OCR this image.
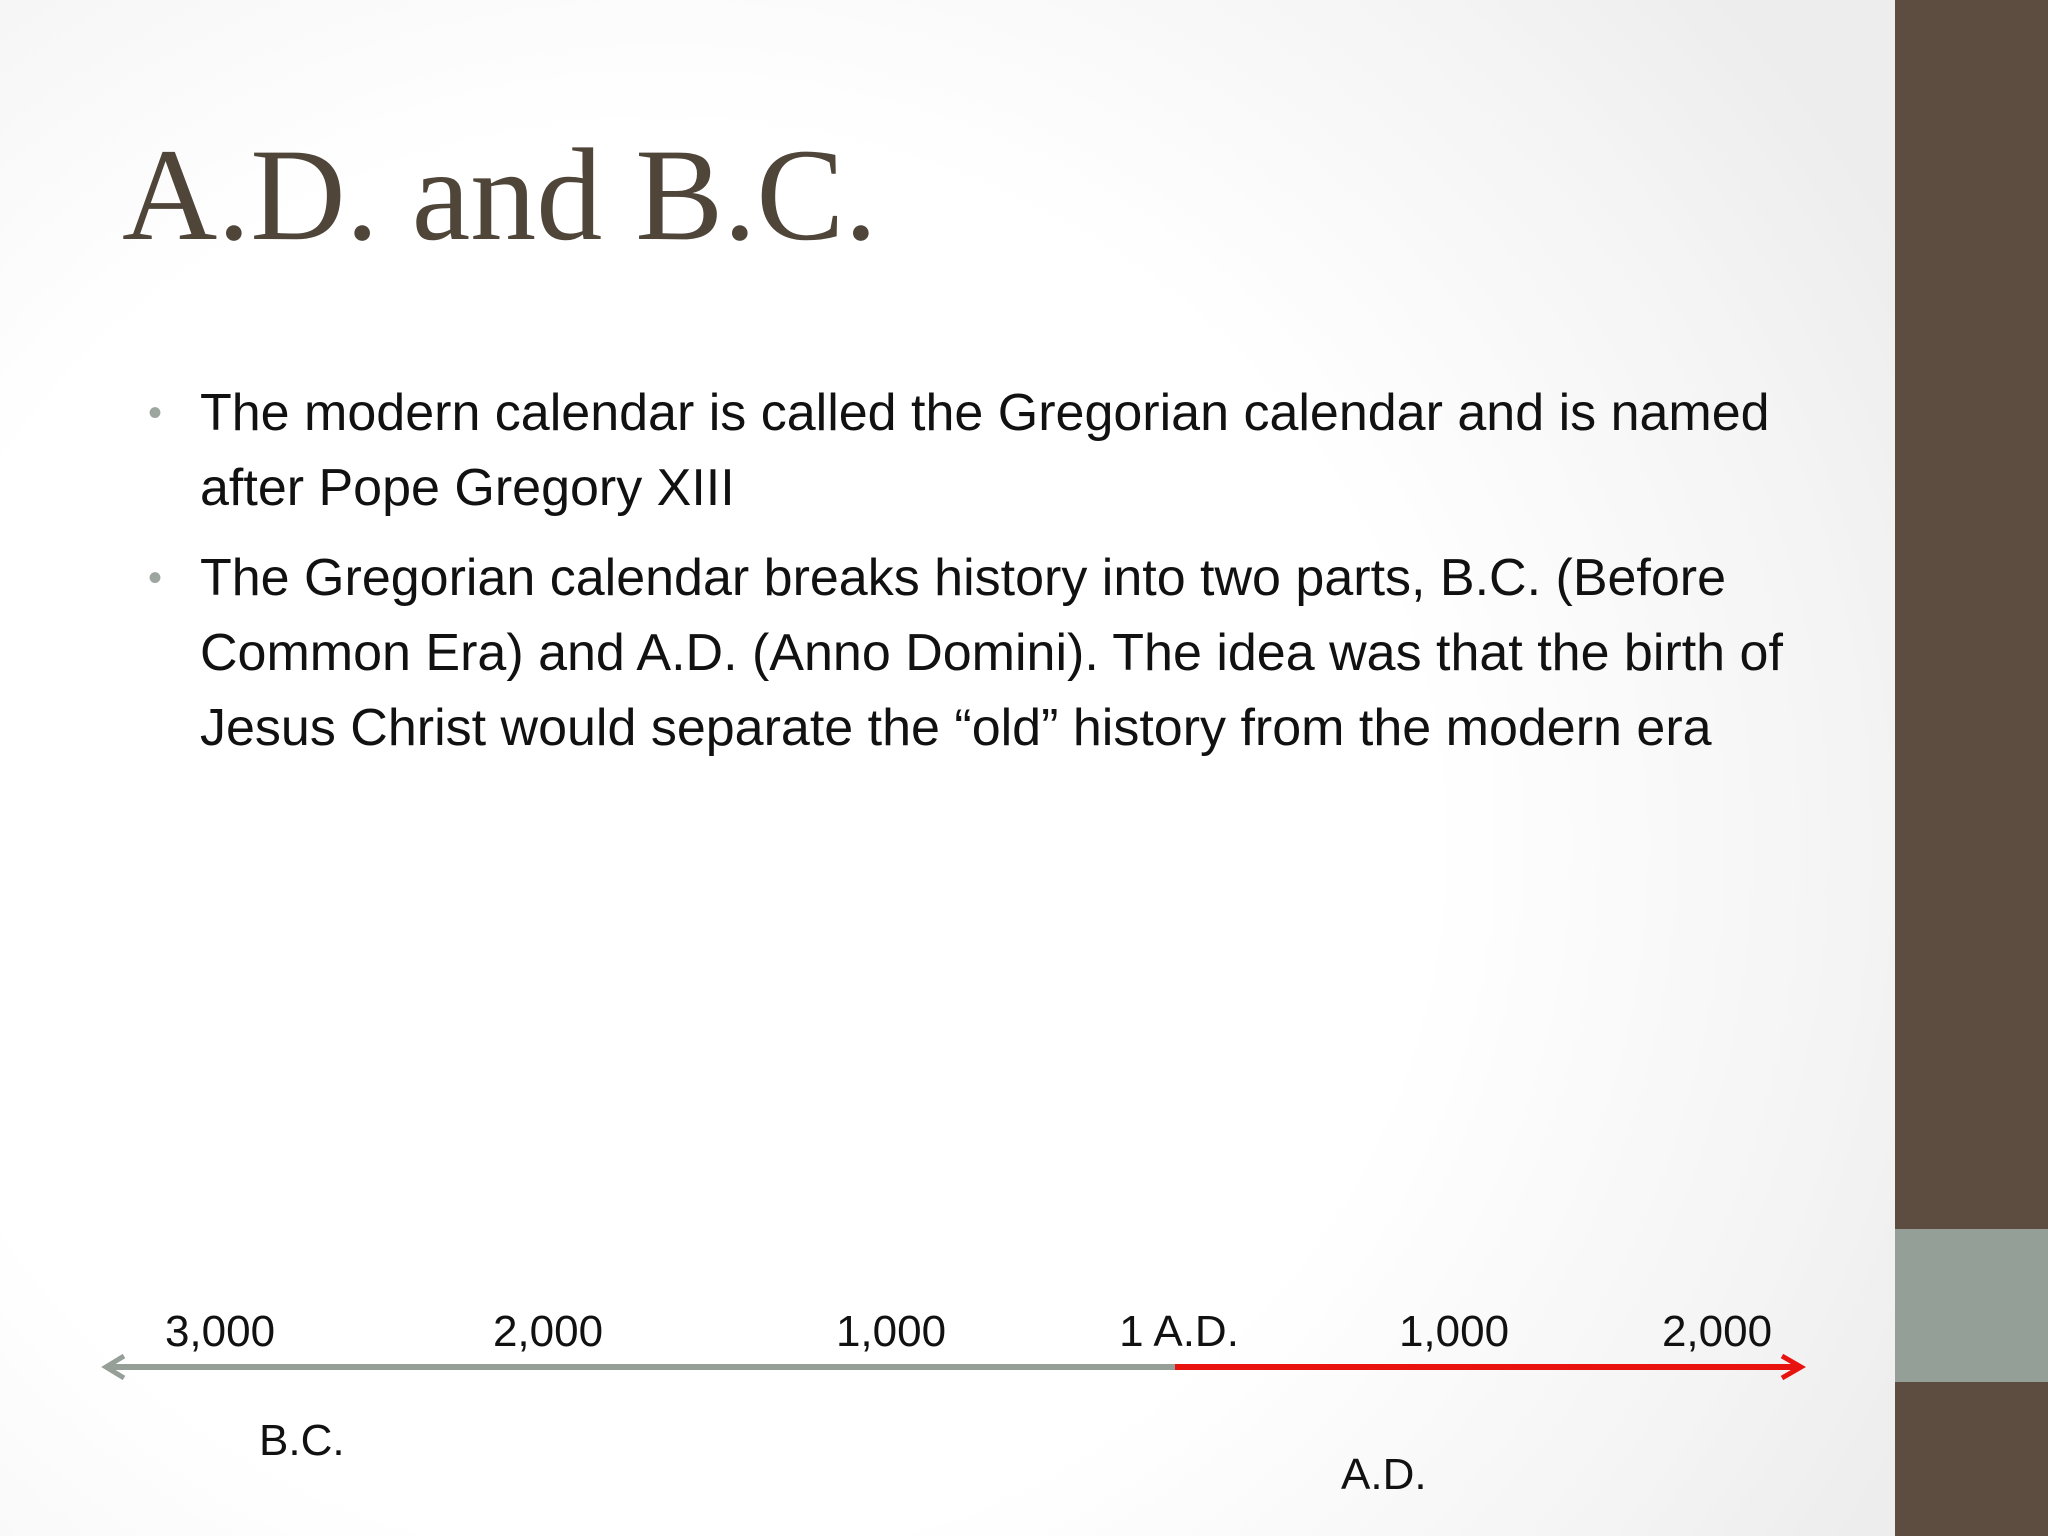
A.D. and B.C.
• The modern calendar is called the Gregorian calendar and is named after Pope Gregory XIII
• The Gregorian calendar breaks history into two parts, B.C. (Before Common Era) and A.D. (Anno Domini). The idea was that the birth of Jesus Christ would separate the “old” history from the modern era
3,000	2,000	1,000	1 A.D.	1,000	2,000
B.C.
A.D.
